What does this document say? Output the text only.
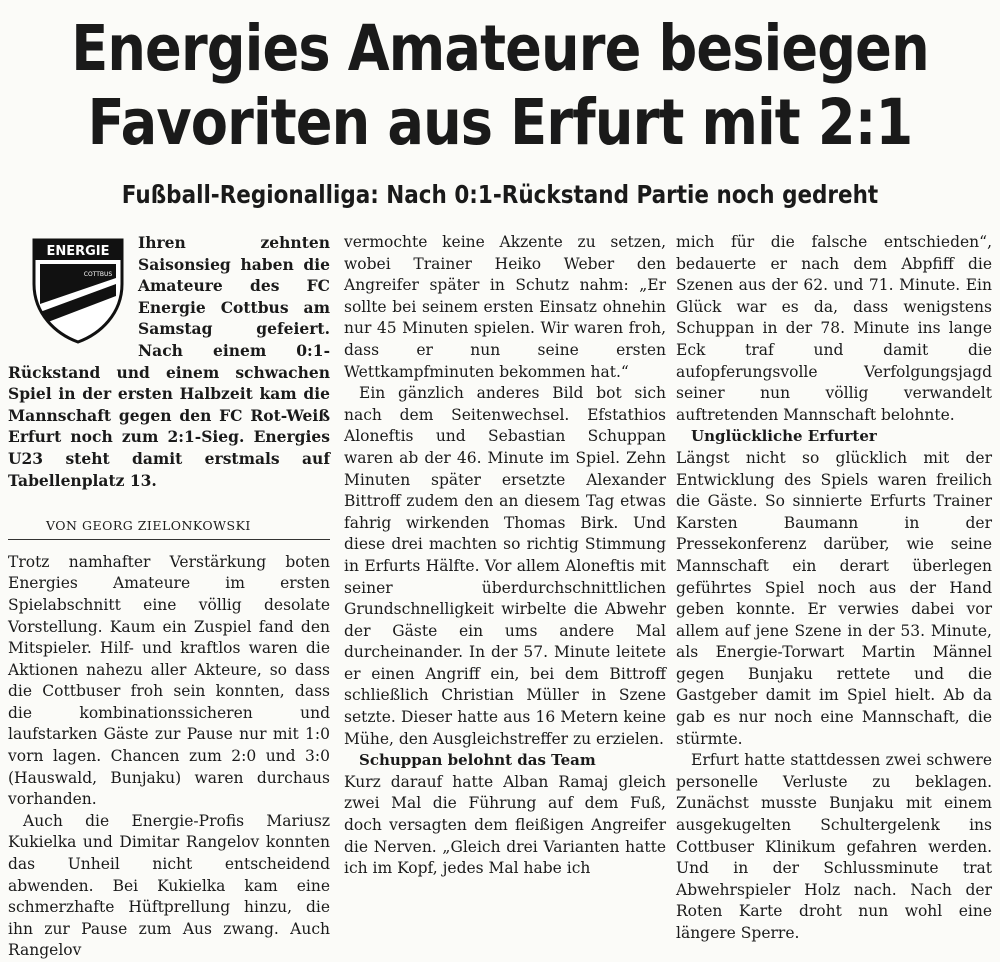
Energies Amateure besiegen
Favoriten aus Erfurt mit 2:1
Fußball-Regionalliga: Nach 0:1-Rückstand Partie noch gedreht
ENERGIE
COTTBUS
Ihren zehnten Saisonsieg haben die Amateure des FC Energie Cottbus am Samstag gefeiert. Nach einem 0:1-Rückstand und einem schwachen Spiel in der ersten Halbzeit kam die Mannschaft gegen den FC Rot-Weiß Erfurt noch zum 2:1-Sieg. Energies U23 steht damit erstmals auf Tabellenplatz 13.
VON GEORG ZIELONKOWSKI

Trotz namhafter Verstärkung boten Energies Amateure im ersten Spielabschnitt eine völlig desolate Vorstellung. Kaum ein Zuspiel fand den Mitspieler. Hilf- und kraftlos waren die Aktionen nahezu aller Akteure, so dass die Cottbuser froh sein konnten, dass die kombinationssicheren und laufstarken Gäste zur Pause nur mit 1:0 vorn lagen. Chancen zum 2:0 und 3:0 (Hauswald, Bunjaku) waren durchaus vorhanden.

Auch die Energie-Profis Mariusz Kukielka und Dimitar Rangelov konnten das Unheil nicht entscheidend abwenden. Bei Kukielka kam eine schmerzhafte Hüftprellung hinzu, die ihn zur Pause zum Aus zwang. Auch Rangelov

vermochte keine Akzente zu setzen, wobei Trainer Heiko Weber den Angreifer später in Schutz nahm: „Er sollte bei seinem ersten Einsatz ohnehin nur 45 Minuten spielen. Wir waren froh, dass er nun seine ersten Wettkampfminuten bekommen hat.“

Ein gänzlich anderes Bild bot sich nach dem Seitenwechsel. Efstathios Aloneftis und Sebastian Schuppan waren ab der 46. Minute im Spiel. Zehn Minuten später ersetzte Alexander Bittroff zudem den an diesem Tag etwas fahrig wirkenden Thomas Birk. Und diese drei machten so richtig Stimmung in Erfurts Hälfte. Vor allem Aloneftis mit seiner überdurchschnittlichen Grundschnelligkeit wirbelte die Abwehr der Gäste ein ums andere Mal durcheinander. In der 57. Minute leitete er einen Angriff ein, bei dem Bittroff schließlich Christian Müller in Szene setzte. Dieser hatte aus 16 Metern keine Mühe, den Ausgleichstreffer zu erzielen.

Schuppan belohnt das Team

Kurz darauf hatte Alban Ramaj gleich zwei Mal die Führung auf dem Fuß, doch versagten dem fleißigen Angreifer die Nerven. „Gleich drei Varianten hatte ich im Kopf, jedes Mal habe ich

mich für die falsche entschieden“, bedauerte er nach dem Abpfiff die Szenen aus der 62. und 71. Minute. Ein Glück war es da, dass wenigstens Schuppan in der 78. Minute ins lange Eck traf und damit die aufopferungsvolle Verfolgungsjagd seiner nun völlig verwandelt auftretenden Mannschaft belohnte.

Unglückliche Erfurter

Längst nicht so glücklich mit der Entwicklung des Spiels waren freilich die Gäste. So sinnierte Erfurts Trainer Karsten Baumann in der Pressekonferenz darüber, wie seine Mannschaft ein derart überlegen geführtes Spiel noch aus der Hand geben konnte. Er verwies dabei vor allem auf jene Szene in der 53. Minute, als Energie-Torwart Martin Männel gegen Bunjaku rettete und die Gastgeber damit im Spiel hielt. Ab da gab es nur noch eine Mannschaft, die stürmte.

Erfurt hatte stattdessen zwei schwere personelle Verluste zu beklagen. Zunächst musste Bunjaku mit einem ausgekugelten Schultergelenk ins Cottbuser Klinikum gefahren werden. Und in der Schlussminute trat Abwehrspieler Holz nach. Nach der Roten Karte droht nun wohl eine längere Sperre.
